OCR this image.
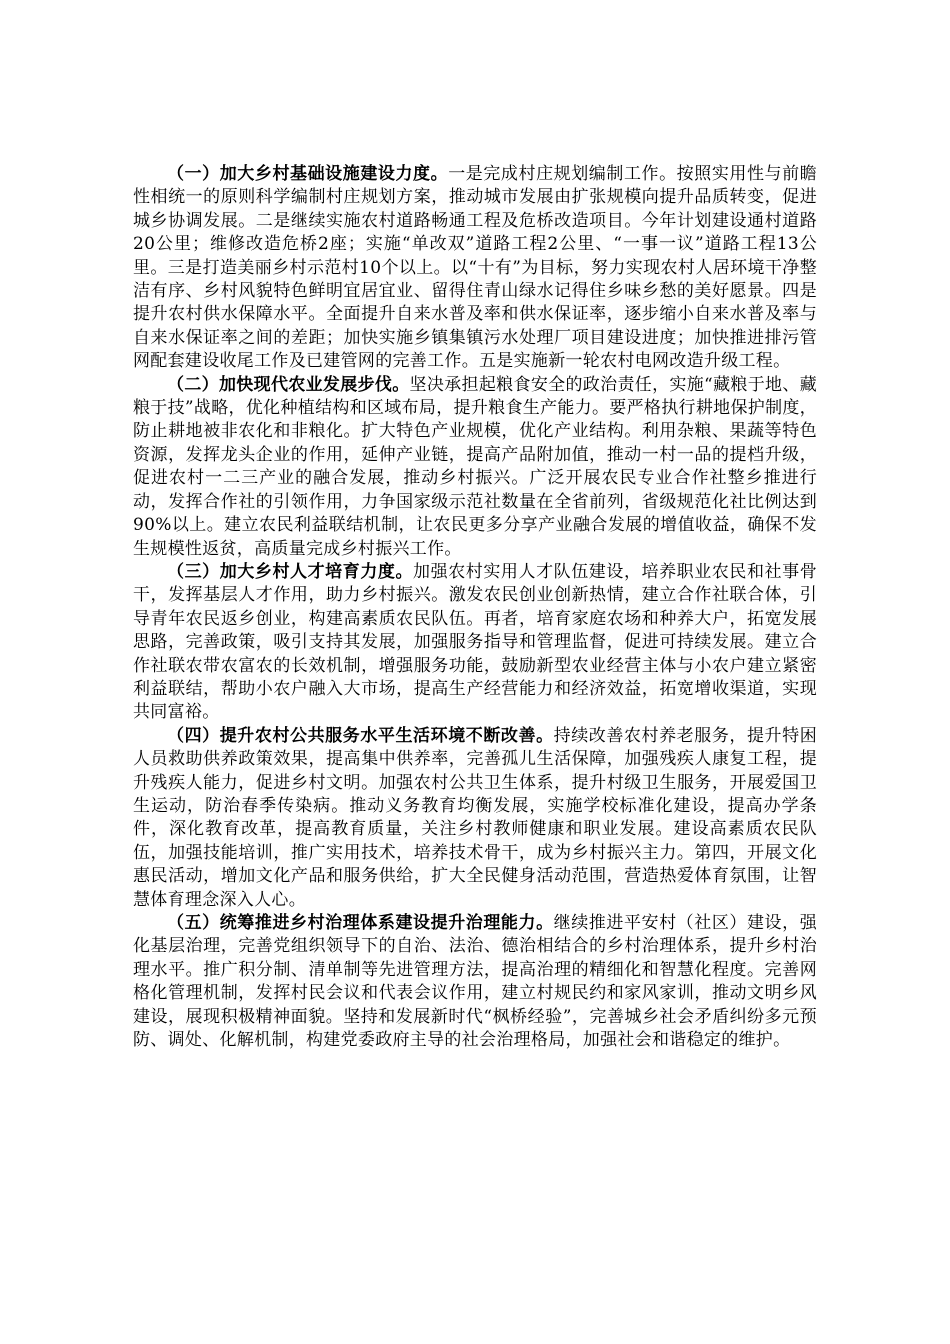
（一）加大乡村基础设施建设力度。一是完成村庄规划编制工作。按照实用性与前瞻性相统一的原则科学编制村庄规划方案，推动城市发展由扩张规模向提升品质转变，促进城乡协调发展。二是继续实施农村道路畅通工程及危桥改造项目。今年计划建设通村道路20公里；维修改造危桥2座；实施“单改双”道路工程2公里、“一事一议”道路工程13公里。三是打造美丽乡村示范村10个以上。以“十有”为目标，努力实现农村人居环境干净整洁有序、乡村风貌特色鲜明宜居宜业、留得住青山绿水记得住乡味乡愁的美好愿景。四是提升农村供水保障水平。全面提升自来水普及率和供水保证率，逐步缩小自来水普及率与自来水保证率之间的差距；加快实施乡镇集镇污水处理厂项目建设进度；加快推进排污管网配套建设收尾工作及已建管网的完善工作。五是实施新一轮农村电网改造升级工程。

（二）加快现代农业发展步伐。坚决承担起粮食安全的政治责任，实施“藏粮于地、藏粮于技”战略，优化种植结构和区域布局，提升粮食生产能力。要严格执行耕地保护制度，防止耕地被非农化和非粮化。扩大特色产业规模，优化产业结构。利用杂粮、果蔬等特色资源，发挥龙头企业的作用，延伸产业链，提高产品附加值，推动一村一品的提档升级，促进农村一二三产业的融合发展，推动乡村振兴。广泛开展农民专业合作社整乡推进行动，发挥合作社的引领作用，力争国家级示范社数量在全省前列，省级规范化社比例达到90%以上。建立农民利益联结机制，让农民更多分享产业融合发展的增值收益，确保不发生规模性返贫，高质量完成乡村振兴工作。

（三）加大乡村人才培育力度。加强农村实用人才队伍建设，培养职业农民和社事骨干，发挥基层人才作用，助力乡村振兴。激发农民创业创新热情，建立合作社联合体，引导青年农民返乡创业，构建高素质农民队伍。再者，培育家庭农场和种养大户，拓宽发展思路，完善政策，吸引支持其发展，加强服务指导和管理监督，促进可持续发展。建立合作社联农带农富农的长效机制，增强服务功能，鼓励新型农业经营主体与小农户建立紧密利益联结，帮助小农户融入大市场，提高生产经营能力和经济效益，拓宽增收渠道，实现共同富裕。

（四）提升农村公共服务水平生活环境不断改善。持续改善农村养老服务，提升特困人员救助供养政策效果，提高集中供养率，完善孤儿生活保障，加强残疾人康复工程，提升残疾人能力，促进乡村文明。加强农村公共卫生体系，提升村级卫生服务，开展爱国卫生运动，防治春季传染病。推动义务教育均衡发展，实施学校标准化建设，提高办学条件，深化教育改革，提高教育质量，关注乡村教师健康和职业发展。建设高素质农民队伍，加强技能培训，推广实用技术，培养技术骨干，成为乡村振兴主力。第四，开展文化惠民活动，增加文化产品和服务供给，扩大全民健身活动范围，营造热爱体育氛围，让智慧体育理念深入人心。

（五）统筹推进乡村治理体系建设提升治理能力。继续推进平安村（社区）建设，强化基层治理，完善党组织领导下的自治、法治、德治相结合的乡村治理体系，提升乡村治理水平。推广积分制、清单制等先进管理方法，提高治理的精细化和智慧化程度。完善网格化管理机制，发挥村民会议和代表会议作用，建立村规民约和家风家训，推动文明乡风建设，展现积极精神面貌。坚持和发展新时代“枫桥经验”，完善城乡社会矛盾纠纷多元预防、调处、化解机制，构建党委政府主导的社会治理格局，加强社会和谐稳定的维护。
